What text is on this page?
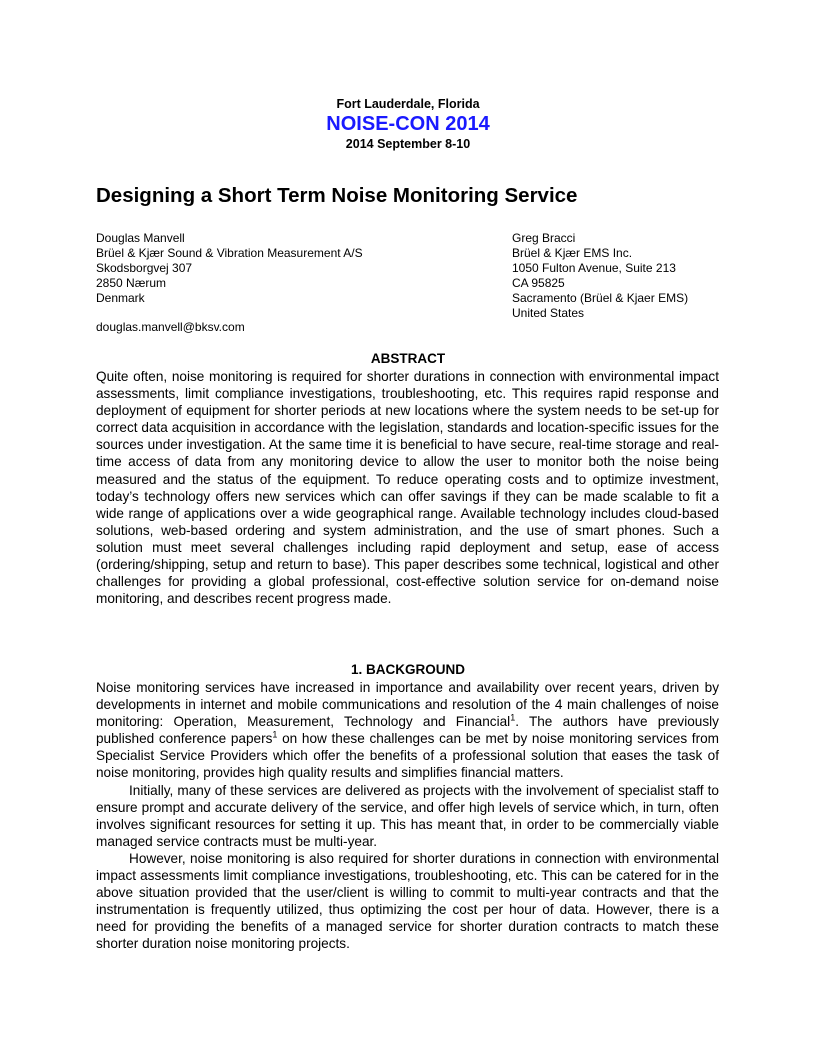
Fort Lauderdale, Florida
NOISE-CON 2014
2014 September 8-10
Designing a Short Term Noise Monitoring Service
Douglas Manvell
Brüel & Kjær Sound & Vibration Measurement A/S
Skodsborgvej 307
2850 Nærum
Denmark
Greg Bracci
Brüel & Kjær EMS Inc.
1050 Fulton Avenue, Suite 213
CA 95825
Sacramento (Brüel & Kjaer EMS)
United States
douglas.manvell@bksv.com
ABSTRACT

Quite often, noise monitoring is required for shorter durations in connection with environmental impact assessments, limit compliance investigations, troubleshooting, etc. This requires rapid response and deployment of equipment for shorter periods at new locations where the system needs to be set-up for correct data acquisition in accordance with the legislation, standards and location-specific issues for the sources under investigation. At the same time it is beneficial to have secure, real-time storage and real-time access of data from any monitoring device to allow the user to monitor both the noise being measured and the status of the equipment. To reduce operating costs and to optimize investment, today’s technology offers new services which can offer savings if they can be made scalable to fit a wide range of applications over a wide geographical range. Available technology includes cloud-based solutions, web-based ordering and system administration, and the use of smart phones. Such a solution must meet several challenges including rapid deployment and setup, ease of access (ordering/shipping, setup and return to base). This paper describes some technical, logistical and other challenges for providing a global professional, cost-effective solution service for on-demand noise monitoring, and describes recent progress made.

1. BACKGROUND

Noise monitoring services have increased in importance and availability over recent years, driven by developments in internet and mobile communications and resolution of the 4 main challenges of noise monitoring: Operation, Measurement, Technology and Financial$^1$. The authors have previously published conference papers$^1$ on how these challenges can be met by noise monitoring services from Specialist Service Providers which offer the benefits of a professional solution that eases the task of noise monitoring, provides high quality results and simplifies financial matters.

Initially, many of these services are delivered as projects with the involvement of specialist staff to ensure prompt and accurate delivery of the service, and offer high levels of service which, in turn, often involves significant resources for setting it up. This has meant that, in order to be commercially viable managed service contracts must be multi-year.

However, noise monitoring is also required for shorter durations in connection with environmental impact assessments limit compliance investigations, troubleshooting, etc. This can be catered for in the above situation provided that the user/client is willing to commit to multi-year contracts and that the instrumentation is frequently utilized, thus optimizing the cost per hour of data. However, there is a need for providing the benefits of a managed service for shorter duration contracts to match these shorter duration noise monitoring projects.
